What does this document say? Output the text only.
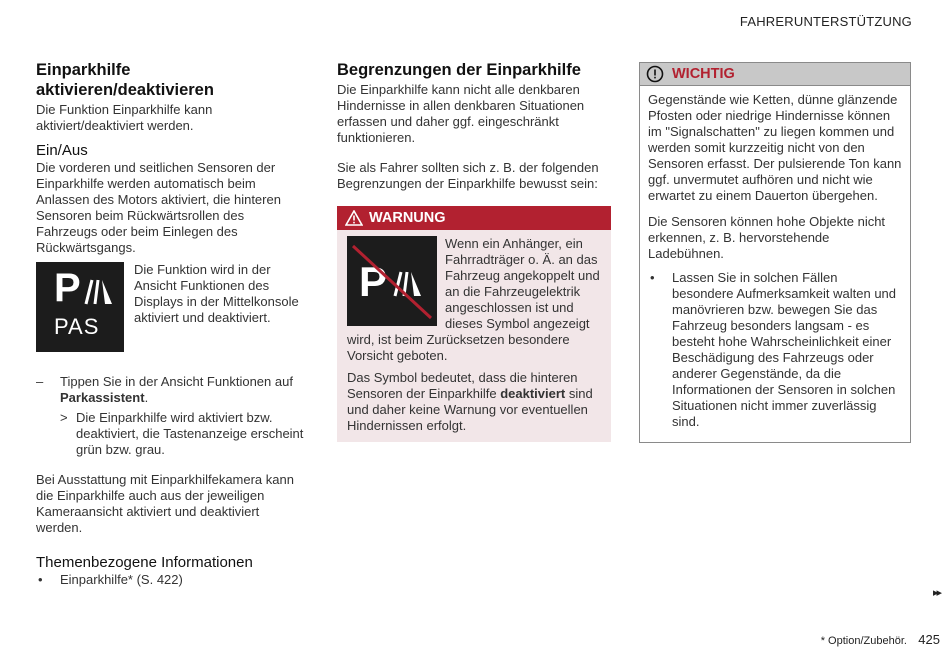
FAHRERUNTERSTÜTZUNG
Einparkhilfe aktivieren/deaktivieren

Die Funktion Einparkhilfe kann aktiviert/deaktiviert werden.

Ein/Aus

Die vorderen und seitlichen Sensoren der Einparkhilfe werden automatisch beim Anlassen des Motors aktiviert, die hinteren Sensoren beim Rückwärtsrollen des Fahrzeugs oder beim Einlegen des Rückwärtsgangs.

P
PAS

Die Funktion wird in der Ansicht Funktionen des Displays in der Mittelkonsole aktiviert und deaktiviert.

– Tippen Sie in der Ansicht Funktionen auf Parkassistent.

> Die Einparkhilfe wird aktiviert bzw. deaktiviert, die Tastenanzeige erscheint grün bzw. grau.

Bei Ausstattung mit Einparkhilfekamera kann die Einparkhilfe auch aus der jeweiligen Kameraansicht aktiviert und deaktiviert werden.

Themenbezogene Informationen

• Einparkhilfe* (S. 422)

Begrenzungen der Einparkhilfe

Die Einparkhilfe kann nicht alle denkbaren Hindernisse in allen denkbaren Situationen erfassen und daher ggf. eingeschränkt funktionieren.

Sie als Fahrer sollten sich z. B. der folgenden Begrenzungen der Einparkhilfe bewusst sein:

WARNUNG
P

Wenn ein Anhänger, ein Fahrradträger o. Ä. an das Fahrzeug angekoppelt und an die Fahrzeugelektrik angeschlossen ist und dieses Symbol angezeigt wird, ist beim Zurücksetzen besondere Vorsicht geboten.

Das Symbol bedeutet, dass die hinteren Sensoren der Einparkhilfe deaktiviert sind und daher keine Warnung vor eventuellen Hindernissen erfolgt.

WICHTIG

Gegenstände wie Ketten, dünne glänzende Pfosten oder niedrige Hindernisse können im "Signalschatten" zu liegen kommen und werden somit kurzzeitig nicht von den Sensoren erfasst. Der pulsierende Ton kann ggf. unvermutet aufhören und nicht wie erwartet zu einem Dauerton übergehen.

Die Sensoren können hohe Objekte nicht erkennen, z. B. hervorstehende Ladebühnen.

• Lassen Sie in solchen Fällen besondere Aufmerksamkeit walten und manövrieren bzw. bewegen Sie das Fahrzeug besonders langsam - es besteht hohe Wahrscheinlichkeit einer Beschädigung des Fahrzeugs oder anderer Gegenstände, da die Informationen der Sensoren in solchen Situationen nicht immer zuverlässig sind.

▸▸
* Option/Zubehör. 425
